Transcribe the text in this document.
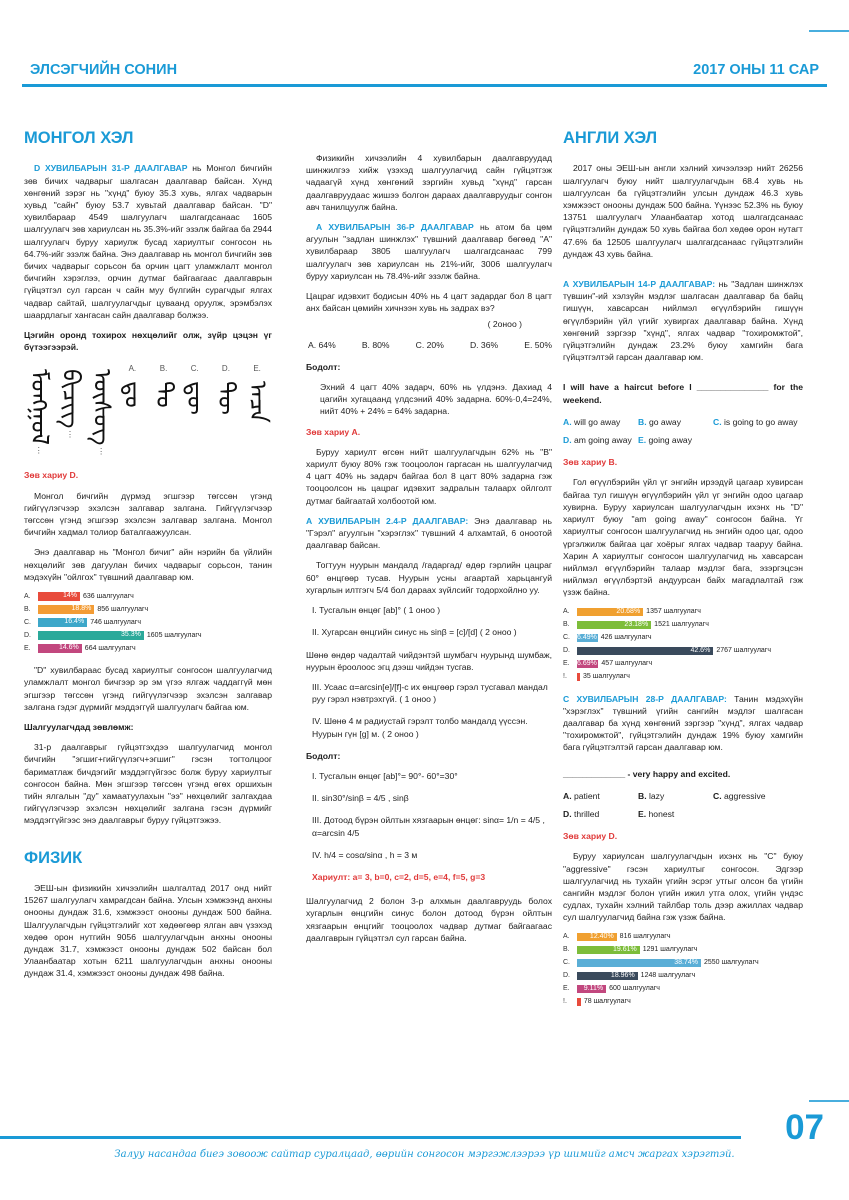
ЭЛСЭГЧИЙН СОНИН	2017 ОНЫ 11 САР
МОНГОЛ ХЭЛ

D ХУВИЛБАРЫН 31-Р ДААЛГАВАР нь Монгол бичгийн зөв бичих чадварыг шалгасан даалгавар байсан. Хүнд хөнгөний зэрэг нь "хүнд" буюу 35.3 хувь, ялгах чадварын хувьд "сайн" буюу 53.7 хувьтай даалгавар байсан. "D" хувилбараар 4549 шалгуулагч шалгагдсанаас 1605 шалгуулагч зөв хариулсан нь 35.3%-ийг эзэлж байгаа ба 2944 шалгуулагч буруу хариулж бусад хариултыг сонгосон нь 64.7%-ийг эзэлж байна. Энэ даалгавар нь монгол бичгийн зөв бичих чадварыг сорьсон ба орчин цагт уламжлалт монгол бичгийн хэрэглээ, орчин дутмаг байгаагаас даалгаврын гүйцэтгэл сул гарсан ч сайн муу бүлгийн сурагчдыг ялгах чадвар сайтай, шалгуулагчдыг цуваанд оруулж, эрэмбэлэх шаардлагыг хангасан сайн даалгавар болжээ.

Цэгийн оронд тохирох нөхцөлийг олж, зүйр цэцэн үг бүтээгээрэй.

ᠮᠣᠩᠭᠣᠯ
⋮
ᠪᠢᠴᠢᠭ
⋮ ᠦᠰᠦᠭ
⋮
A.
ᠳᠤ
B.
ᠲᠤ
C.
ᠳᠦ
D.
ᠲᠦ
E.
ᠠᠴᠠ
Зөв хариу D.

Монгол бичгийн дүрмэд эгшгээр төгссөн үгэнд гийгүүлэгчээр эхэлсэн залгавар залгана. Гийгүүлэгчээр төгссөн үгэнд эгшгээр эхэлсэн залгавар залгана. Монгол бичгийн хадмал толиор баталгаажуулсан.

Энэ даалгавар нь "Монгол бичиг" айн нэрийн ба үйлийн нөхцөлийг зөв дагуулан бичих чадварыг сорьсон, танин мэдэхүйн "ойлгох" түвшний даалгавар юм.

A.	14% 636 шалгуулагч
B.	18.8% 856 шалгуулагч
C.	16.4% 746 шалгуулагч
D.	35.3% 1605 шалгуулагч
E.	14.6% 664 шалгуулагч

"D" хувилбараас бусад хариултыг сонгосон шалгуулагчид уламжлалт монгол бичгээр эр эм үгээ ялгаж чаддаггүй мөн эгшгээр төгссөн үгэнд гийгүүлэгчээр эхэлсэн залгавар залгана гэдэг дүрмийг мэддэггүй шалгуулагч байгаа юм.

Шалгуулагчдад зөвлөмж:

31-р даалгаврыг гүйцэтгэхдээ шалгуулагчид монгол бичгийн "эгшиг+гийгүүлэгч+эгшиг" гэсэн тогтолцоог бариматлаж бичдэгийг мэддэггүйгээс болж буруу хариултыг сонгосон байна. Мөн эгшгээр төгссөн үгэнд өгөх оршихын тийн ялгалын "ду" хамаатуулахын "ээ" нөхцөлийг залгахдаа гийгүүлэгчээр эхэлсэн нөхцөлийг залгана гэсэн дүрмийг мэддэггүйгээс энэ даалгаврыг буруу гүйцэтгэжээ.

ФИЗИК

ЭЕШ-ын физикийн хичээлийн шалгалтад 2017 онд нийт 15267 шалгуулагч хамрагдсан байна. Улсын хэмжээнд анхны онооны дундаж 31.6, хэмжээст онооны дундаж 500 байна. Шалгуулагчдын гүйцэтгэлийг хот хөдөөгөөр ялган авч үзэхэд хөдөө орон нутгийн 9056 шалгуулагчдын анхны онооны дундаж 31.7, хэмжээст онооны дундаж 502 байсан бол Улаанбаатар хотын 6211 шалгуулагчдын анхны онооны дундаж 31.4, хэмжээст онооны дундаж 498 байна.

Физикийн хичээлийн 4 хувилбарын даалгавруудад шинжилгээ хийж үзэхэд шалгуулагчид сайн гүйцэтгэж чадаагүй хүнд хөнгөний зэргийн хувьд "хүнд" гарсан даалгавруудаас жишээ болгон дараах даалгавруудыг сонгон авч танилцуулж байна.

А ХУВИЛБАРЫН 36-Р ДААЛГАВАР нь атом ба цөм агуулын "задлан шинжлэх" түвшний даалгавар бөгөөд "А" хувилбараар 3805 шалгуулагч шалгагдсанаас 799 шалгуулагч зөв хариулсан нь 21%-ийг, 3006 шалгуулагч буруу хариулсан нь 78.4%-ийг эзэлж байна.

Цацраг идэвхит бодисын 40% нь 4 цагт задардаг бол 8 цагт анх байсан цөмийн хичнээн хувь нь задрах вэ?

( 2оноо )
A. 64%	B. 80%	C. 20%	D. 36%	E. 50%

Бодолт:

Эхний 4 цагт 40% задарч, 60% нь үлдэнэ. Дахиад 4 цагийн хугацаанд үлдсэний 40% задарна. 60%·0,4=24%, нийт 40% + 24% = 64% задарна.

Зөв хариу А.

Буруу хариулт өгсөн нийт шалгуулагчдын 62% нь "B" хариулт буюу 80% гэж тооцоолон гаргасан нь шалгуулагчид 4 цагт 40% нь задарч байгаа бол 8 цагт 80% задарна гэж тооцоолсон нь цацраг идэвхит задралын талаарх ойлголт дутмаг байгаатай холбоотой юм.

А ХУВИЛБАРЫН 2.4-Р ДААЛГАВАР: Энэ даалгавар нь "Гэрэл" агуулгын "хэрэглэх" түвшний 4 алхамтай, 6 оноотой даалгавар байсан.

Тогтуун нуурын мандалд /гадаргад/ өдөр гэрлийн цацраг 60° өнцгөөр тусав. Нуурын усны агаартай харьцангуй хугарлын илтгэгч 5/4 бол дараах зүйлсийг тодорхойлно уу.

I. Тусгалын өнцөг [ab]° ( 1 оноо )
II. Хугарсан өнцгийн синус нь sinβ = [c]/[d] ( 2 оноо )

Шөнө өндөр чадалтай чийдэнтэй шумбагч нуурынд шумбаж, нуурын ёроолоос эгц дээш чийдэн тусгав.

III. Усааc α=arcsin[e]/[f]-с их өнцгөөр гэрэл тусгавал мандал руу гэрэл нэвтрэхгүй. ( 1 оноо )
IV. Шөнө 4 м радиустай гэрэлт толбо мандалд үүссэн. Нуурын гүн [g] м. ( 2 оноо )

Бодолт:

I. Тусгалын өнцөг [ab]°= 90°- 60°=30°
II. sin30°/sinβ = 4/5 , sinβ
III. Дотоод бүрэн ойлтын хязгаарын өнцөг: sinα= 1/n = 4/5 , α=arcsin 4/5
IV. h/4 = cosα/sinα , h = 3 м
Хариулт: a= 3, b=0, c=2, d=5, e=4, f=5, g=3

Шалгуулагчид 2 болон 3-р алхмын даалгавруудь болох хугарлын өнцгийн синус болон дотоод бүрэн ойлтын хязгаарын өнцгийг тооцоолох чадвар дутмаг байгаагаас даалгаврын гүйцэтгэл сул гарсан байна.

АНГЛИ ХЭЛ

2017 оны ЭЕШ-ын англи хэлний хичээлээр нийт 26256 шалгуулагч буюу нийт шалгуулагчдын 68.4 хувь нь шалгуулсан ба гүйцэтгэлийн улсын дундаж 46.3 хувь хэмжээст онооны дундаж 500 байна. Үүнээс 52.3% нь буюу 13751 шалгуулагч Улаанбаатар хотод шалгагдсанаас гүйцэтгэлийн дундаж 50 хувь байгаа бол хөдөө орон нутагт 47.6% ба 12505 шалгуулагч шалгагдсанаас гүйцэтгэлийн дундаж 43 хувь байна.

А ХУВИЛБАРЫН 14-Р ДААЛГАВАР: нь "Задлан шинжлэх түвшин"-ий хэлзүйн мэдлэг шалгасан даалгавар ба байц гишүүн, хавсарсан нийлмэл өгүүлбэрийн гишүүн өгүүлбэрийн үйл үгийг хувиргах даалгавар байна. Хүнд хөнгөний зэргээр "хүнд", ялгах чадвар "тохиромжтой", гүйцэтгэлийн дундаж 23.2% буюу хамгийн бага гүйцэтгэлтэй гарсан даалгавар юм.

I will have a haircut before I _______________ for the weekend.

A. will go away	B. go away	C. is going to go away
D. am going away E. going away
Зөв хариу B.

Гол өгүүлбэрийн үйл үг энгийн ирээдүй цагаар хувирсан байгаа тул гишүүн өгүүлбэрийн үйл үг энгийн одоо цагаар хувирна. Буруу хариулсан шалгуулагчдын ихэнх нь "D" хариулт буюу "am going away" сонгосон байна. Үг хариултыг сонгосон шалгуулагчид нь энгийн одоо цаг, одоо үргэлжилж байгаа цаг хоёрыг ялгах чадвар тааруу байна. Харин А хариултыг сонгосон шалгуулагчид нь хавсарсан нийлмэл өгүүлбэрийн талаар мэдлэг бага, эзэргэцсэн нийлмэл өгүүлбэртэй андуурсан байх магадлалтай гэж үзэж байна.

A.	20.68% 1357 шалгуулагч
B.	23.18% 1521 шалгуулагч
C.	6.49% 426 шалгуулагч
D.	42.6% 2767 шалгуулагч
E.	6.69% 457 шалгуулагч
!.	35 шалгуулагч

С ХУВИЛБАРЫН 28-Р ДААЛГАВАР: Танин мэдэхүйн "хэрэглэх" түвшний үгийн сангийн мэдлэг шалгасан даалгавар ба хүнд хөнгөний зэргээр "хүнд", ялгах чадвар "тохиромжтой", гүйцэтгэлийн дундаж 19% буюу хамгийн бага гүйцэтгэлтэй гарсан даалгавар юм.

_____________ - very happy and excited.

A. patient	B. lazy	C. aggressive
D. thrilled	E. honest
Зөв хариу D.

Буруу хариулсан шалгуулагчдын ихэнх нь "C" буюу "aggressive" гэсэн хариултыг сонгосон. Эдгээр шалгуулагчид нь тухайн үгийн эсрэг утгыг олсон ба үгийн сангийн мэдлэг болон үгийн ижил утга олох, үгийн үндэс судлах, тухайн хэлний тайлбар толь дээр ажиллах чадвар сул шалгуулагчид байна гэж үзэж байна.

A.	12.40% 816 шалгуулагч
B.	19.61% 1291 шалгуулагч
C.	38.74% 2550 шалгуулагч
D.	18.96% 1248 шалгуулагч
E.	9.11% 600 шалгуулагч
!.	78 шалгуулагч
07
Залуу насандаа биеэ зовоож сайтар суралцаад, өөрийн сонгосон мэргэжлээрээ үр шимийг амсч жаргах хэрэгтэй.
